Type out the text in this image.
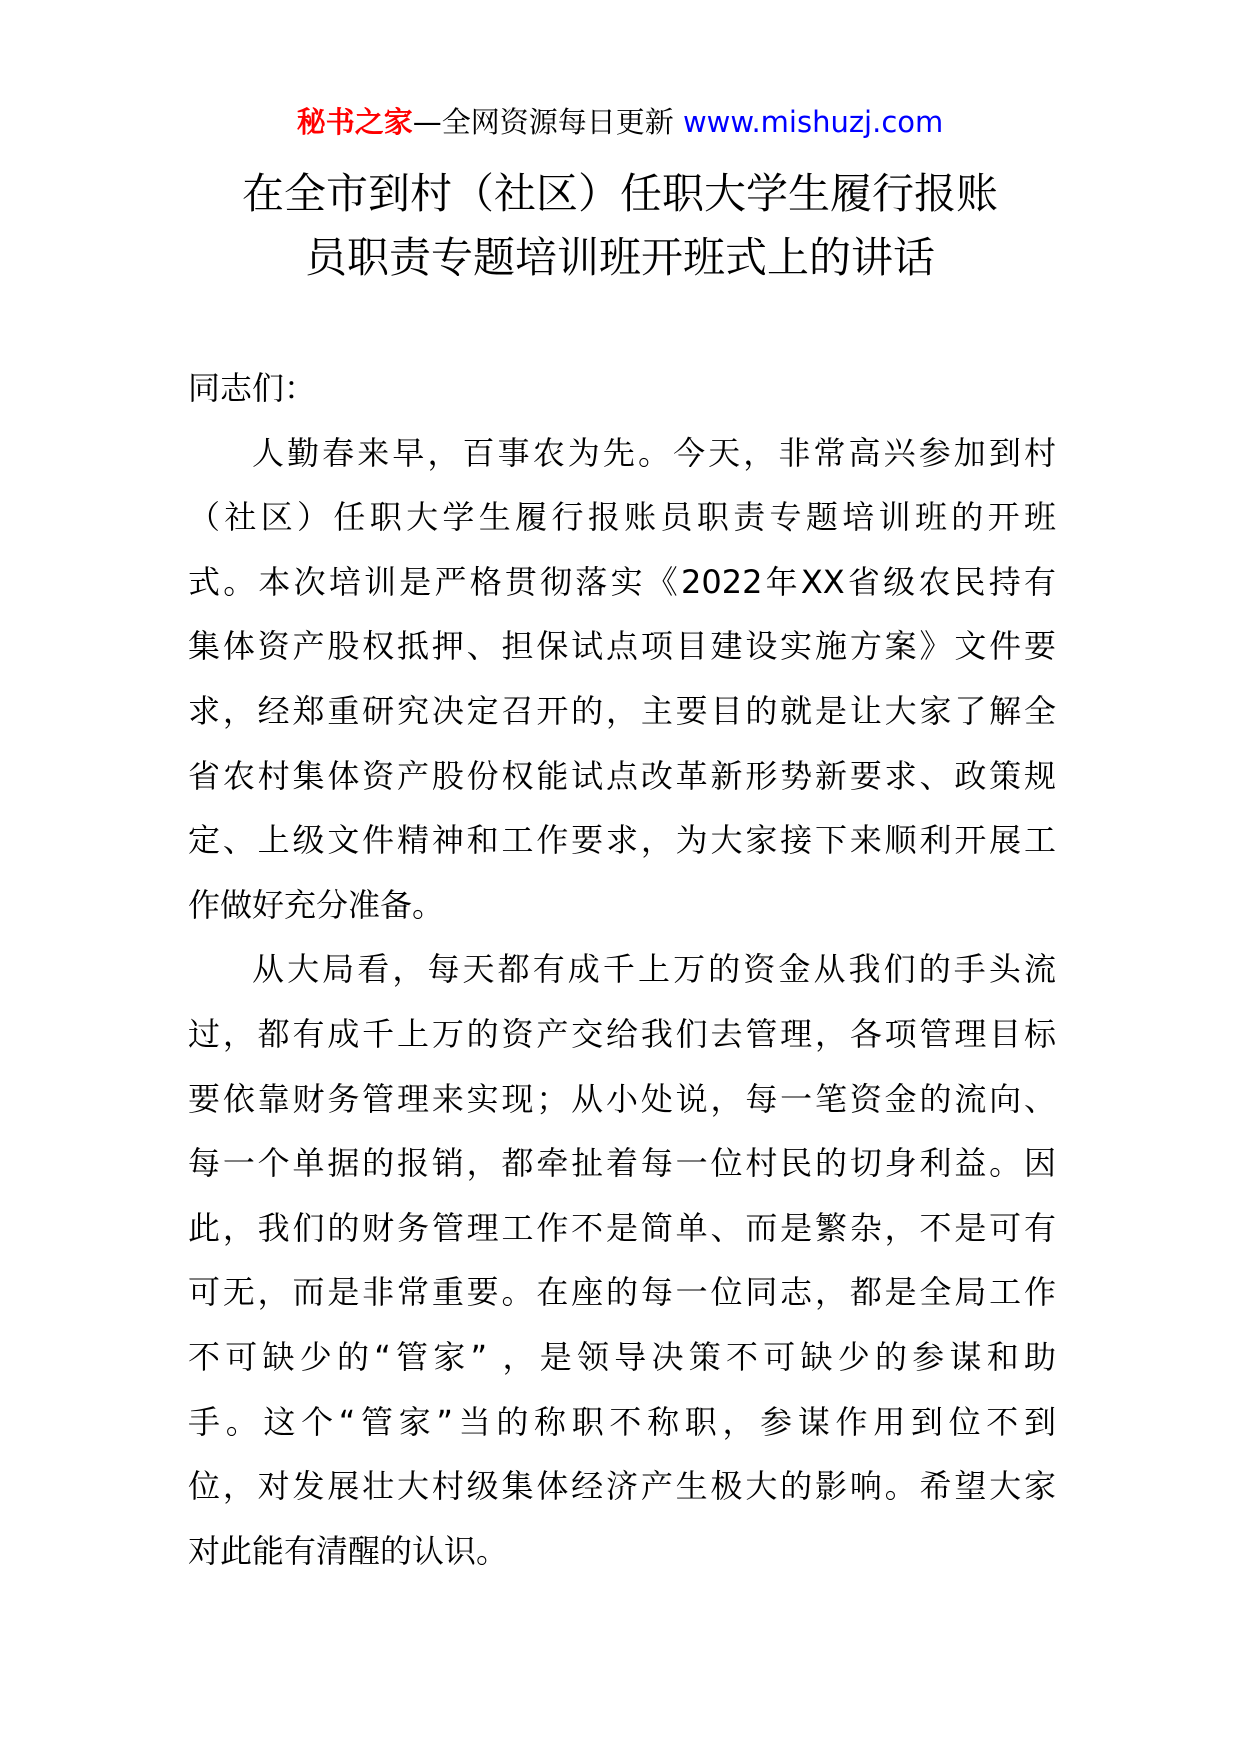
秘书之家—全网资源每日更新 www.mishuzj.com
在全市到村（社区）任职大学生履行报账
员职责专题培训班开班式上的讲话
同志们：
人勤春来早，百事农为先。今天，非常高兴参加到村
（社区）任职大学生履行报账员职责专题培训班的开班
式。本次培训是严格贯彻落实《2022年XX省级农民持有
集体资产股权抵押、担保试点项目建设实施方案》文件要
求，经郑重研究决定召开的，主要目的就是让大家了解全
省农村集体资产股份权能试点改革新形势新要求、政策规
定、上级文件精神和工作要求，为大家接下来顺利开展工
作做好充分准备。
从大局看，每天都有成千上万的资金从我们的手头流
过，都有成千上万的资产交给我们去管理，各项管理目标
要依靠财务管理来实现；从小处说，每一笔资金的流向、
每一个单据的报销，都牵扯着每一位村民的切身利益。因
此，我们的财务管理工作不是简单、而是繁杂，不是可有
可无，而是非常重要。在座的每一位同志，都是全局工作
不可缺少的“管家” ，是领导决策不可缺少的参谋和助
手。这个“管家”当的称职不称职，参谋作用到位不到
位，对发展壮大村级集体经济产生极大的影响。希望大家
对此能有清醒的认识。
